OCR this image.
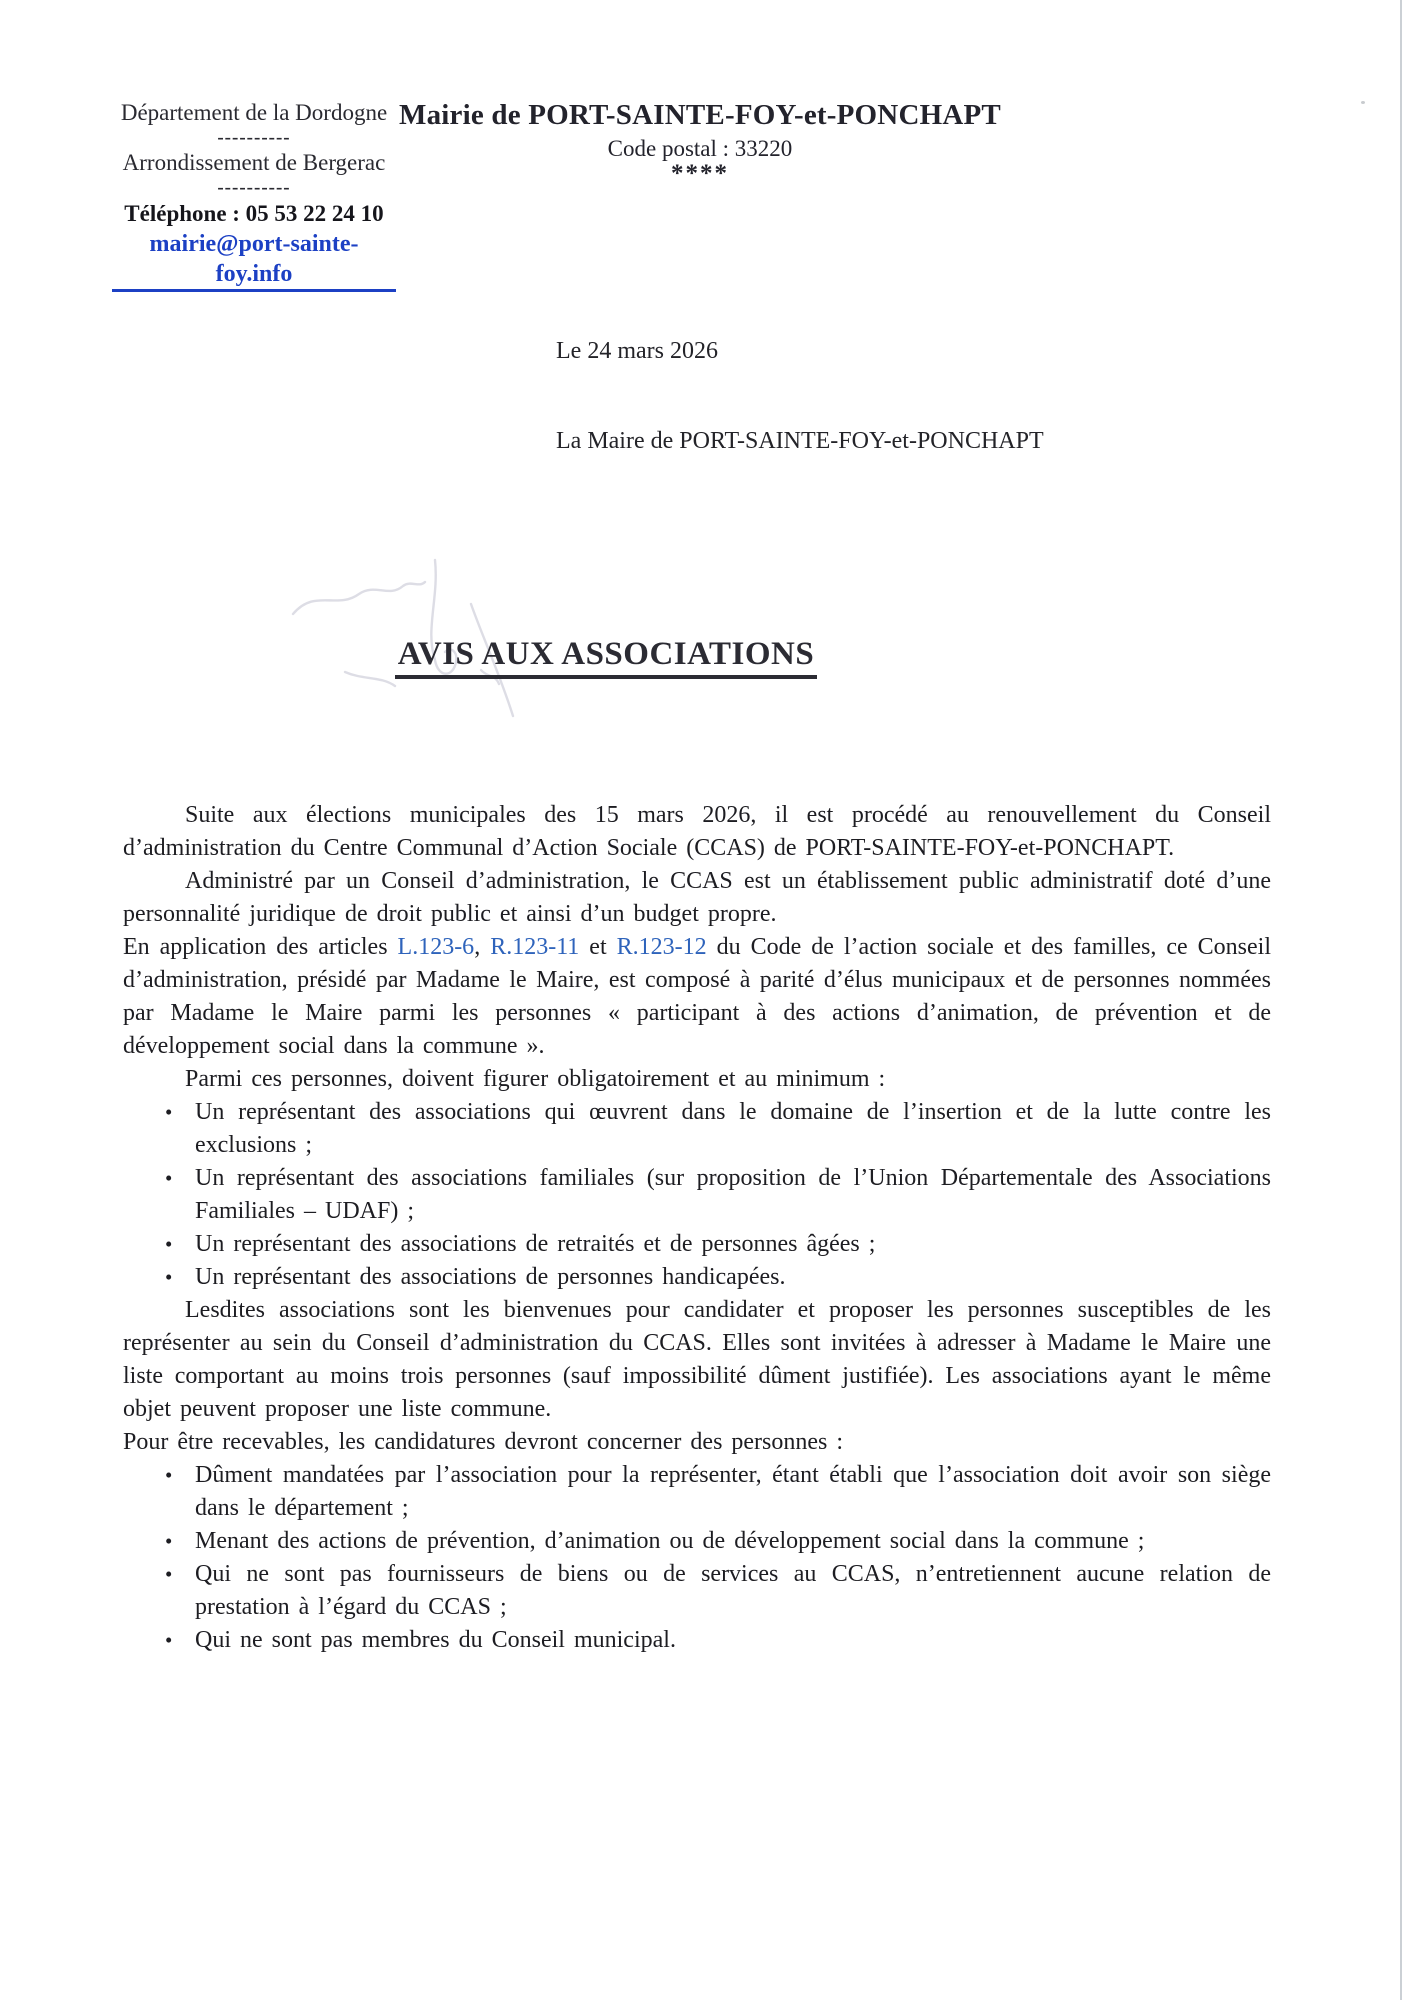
Département de la Dordogne
----------
Arrondissement de Bergerac
----------
Téléphone : 05 53 22 24 10
mairie@port-sainte-foy.info
Mairie de PORT-SAINTE-FOY-et-PONCHAPT
Code postal : 33220
****
Le 24 mars 2026
La Maire de PORT-SAINTE-FOY-et-PONCHAPT
AVIS AUX ASSOCIATIONS

Suite aux élections municipales des 15 mars 2026, il est procédé au renouvellement du Conseil d’administration du Centre Communal d’Action Sociale (CCAS) de PORT-SAINTE-FOY-et-PONCHAPT.

Administré par un Conseil d’administration, le CCAS est un établissement public administratif doté d’une personnalité juridique de droit public et ainsi d’un budget propre.

En application des articles L.123-6, R.123-11 et R.123-12 du Code de l’action sociale et des familles, ce Conseil d’administration, présidé par Madame le Maire, est composé à parité d’élus municipaux et de personnes nommées par Madame le Maire parmi les personnes « participant à des actions d’animation, de prévention et de développement social dans la commune ».

Parmi ces personnes, doivent figurer obligatoirement et au minimum :

• Un représentant des associations qui œuvrent dans le domaine de l’insertion et de la lutte contre les exclusions ;
• Un représentant des associations familiales (sur proposition de l’Union Départementale des Associations Familiales – UDAF) ;
• Un représentant des associations de retraités et de personnes âgées ;
• Un représentant des associations de personnes handicapées.

Lesdites associations sont les bienvenues pour candidater et proposer les personnes susceptibles de les représenter au sein du Conseil d’administration du CCAS. Elles sont invitées à adresser à Madame le Maire une liste comportant au moins trois personnes (sauf impossibilité dûment justifiée). Les associations ayant le même objet peuvent proposer une liste commune.

Pour être recevables, les candidatures devront concerner des personnes :

• Dûment mandatées par l’association pour la représenter, étant établi que l’association doit avoir son siège dans le département ;
• Menant des actions de prévention, d’animation ou de développement social dans la commune ;
• Qui ne sont pas fournisseurs de biens ou de services au CCAS, n’entretiennent aucune relation de prestation à l’égard du CCAS ;
• Qui ne sont pas membres du Conseil municipal.
